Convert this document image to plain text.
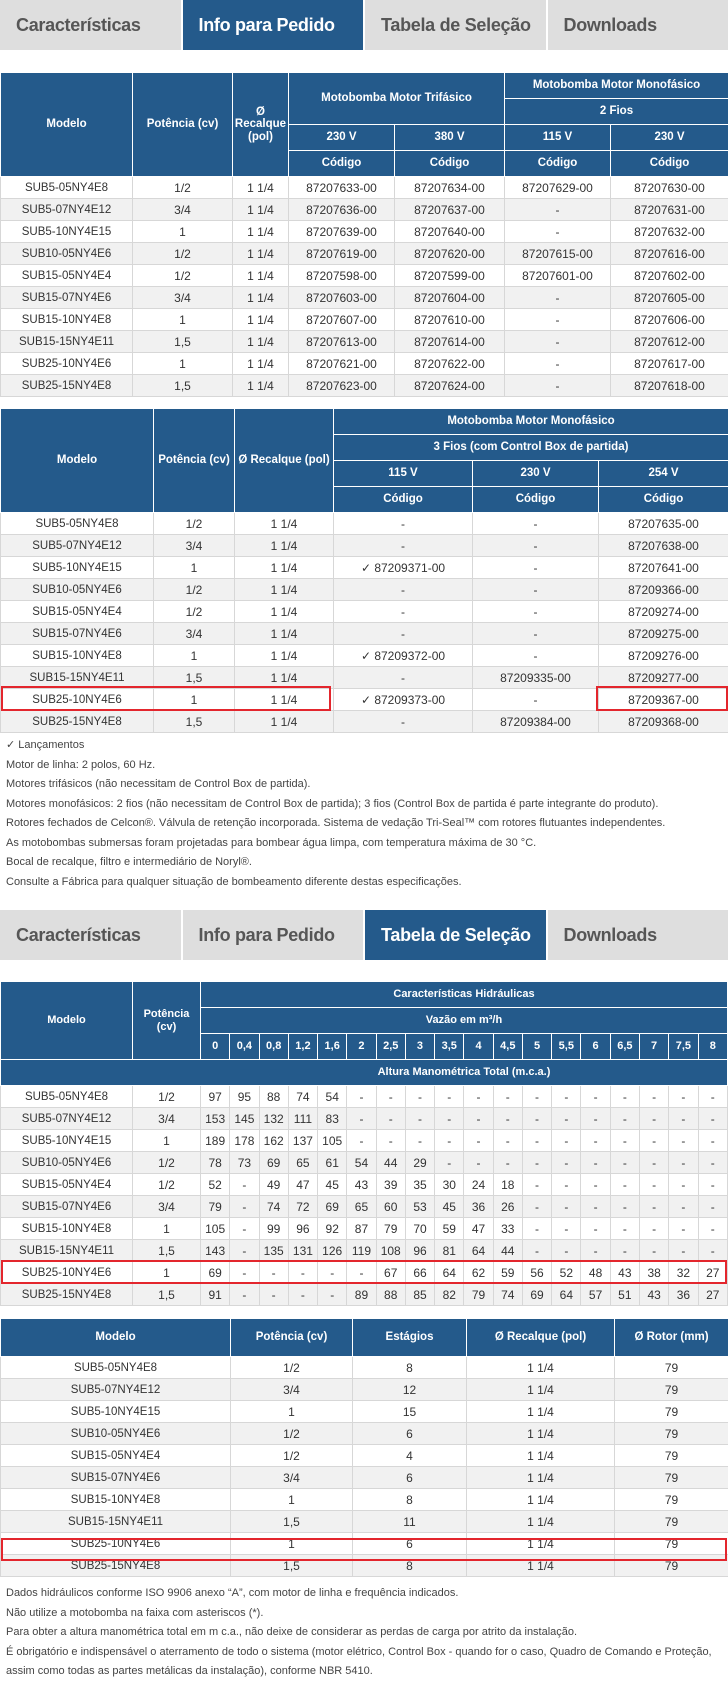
Características	Info para Pedido	Tabela de Seleção	Downloads
Modelo	Potência (cv)	Ø Recalque (pol)	Motobomba Motor Trifásico		Motobomba Motor Monofásico	
					2 Fios	
			230 V	380 V	115 V	230 V
			Código	Código	Código	Código
SUB5-05NY4E8	1/2	1 1/4	87207633-00	87207634-00	87207629-00	87207630-00
SUB5-07NY4E12	3/4	1 1/4	87207636-00	87207637-00	-	87207631-00
SUB5-10NY4E15	1	1 1/4	87207639-00	87207640-00	-	87207632-00
SUB10-05NY4E6	1/2	1 1/4	87207619-00	87207620-00	87207615-00	87207616-00
SUB15-05NY4E4	1/2	1 1/4	87207598-00	87207599-00	87207601-00	87207602-00
SUB15-07NY4E6	3/4	1 1/4	87207603-00	87207604-00	-	87207605-00
SUB15-10NY4E8	1	1 1/4	87207607-00	87207610-00	-	87207606-00
SUB15-15NY4E11	1,5	1 1/4	87207613-00	87207614-00	-	87207612-00
SUB25-10NY4E6	1	1 1/4	87207621-00	87207622-00	-	87207617-00
SUB25-15NY4E8	1,5	1 1/4	87207623-00	87207624-00	-	87207618-00
Modelo	Potência (cv)	Ø Recalque (pol)	Motobomba Motor Monofásico		
			3 Fios (com Control Box de partida)		
			115 V	230 V	254 V
			Código	Código	Código
SUB5-05NY4E8	1/2	1 1/4	-	-	87207635-00
SUB5-07NY4E12	3/4	1 1/4	-	-	87207638-00
SUB5-10NY4E15	1	1 1/4	✓ 87209371-00	-	87207641-00
SUB10-05NY4E6	1/2	1 1/4	-	-	87209366-00
SUB15-05NY4E4	1/2	1 1/4	-	-	87209274-00
SUB15-07NY4E6	3/4	1 1/4	-	-	87209275-00
SUB15-10NY4E8	1	1 1/4	✓ 87209372-00	-	87209276-00
SUB15-15NY4E11	1,5	1 1/4	-	87209335-00	87209277-00
SUB25-10NY4E6	1	1 1/4	✓ 87209373-00	-	87209367-00
SUB25-15NY4E8	1,5	1 1/4	-	87209384-00	87209368-00
✓ Lançamentos
Motor de linha: 2 polos, 60 Hz.
Motores trifásicos (não necessitam de Control Box de partida).
Motores monofásicos: 2 fios (não necessitam de Control Box de partida); 3 fios (Control Box de partida é parte integrante do produto).
Rotores fechados de Celcon®. Válvula de retenção incorporada. Sistema de vedação Tri-Seal™ com rotores flutuantes independentes.
As motobombas submersas foram projetadas para bombear água limpa, com temperatura máxima de 30 °C.
Bocal de recalque, filtro e intermediário de Noryl®.
Consulte a Fábrica para qualquer situação de bombeamento diferente destas especificações.
Características	Info para Pedido	Tabela de Seleção	Downloads
Modelo	Potência (cv)	Características Hidráulicas																	
		Vazão em m³/h																	
		0	0,4	0,8	1,2	1,6	2	2,5	3	3,5	4	4,5	5	5,5	6	6,5	7	7,5	8
Altura Manométrica Total (m.c.a.)																			
SUB5-05NY4E8	1/2	97	95	88	74	54	-	-	-	-	-	-	-	-	-	-	-	-	-
SUB5-07NY4E12	3/4	153	145	132	111	83	-	-	-	-	-	-	-	-	-	-	-	-	-
SUB5-10NY4E15	1	189	178	162	137	105	-	-	-	-	-	-	-	-	-	-	-	-	-
SUB10-05NY4E6	1/2	78	73	69	65	61	54	44	29	-	-	-	-	-	-	-	-	-	-
SUB15-05NY4E4	1/2	52	-	49	47	45	43	39	35	30	24	18	-	-	-	-	-	-	-
SUB15-07NY4E6	3/4	79	-	74	72	69	65	60	53	45	36	26	-	-	-	-	-	-	-
SUB15-10NY4E8	1	105	-	99	96	92	87	79	70	59	47	33	-	-	-	-	-	-	-
SUB15-15NY4E11	1,5	143	-	135	131	126	119	108	96	81	64	44	-	-	-	-	-	-	-
SUB25-10NY4E6	1	69	-	-	-	-	-	67	66	64	62	59	56	52	48	43	38	32	27
SUB25-15NY4E8	1,5	91	-	-	-	-	89	88	85	82	79	74	69	64	57	51	43	36	27
Modelo	Potência (cv)	Estágios	Ø Recalque (pol)	Ø Rotor (mm)
SUB5-05NY4E8	1/2	8	1 1/4	79
SUB5-07NY4E12	3/4	12	1 1/4	79
SUB5-10NY4E15	1	15	1 1/4	79
SUB10-05NY4E6	1/2	6	1 1/4	79
SUB15-05NY4E4	1/2	4	1 1/4	79
SUB15-07NY4E6	3/4	6	1 1/4	79
SUB15-10NY4E8	1	8	1 1/4	79
SUB15-15NY4E11	1,5	11	1 1/4	79
SUB25-10NY4E6	1	6	1 1/4	79
SUB25-15NY4E8	1,5	8	1 1/4	79
Dados hidráulicos conforme ISO 9906 anexo “A”, com motor de linha e frequência indicados.
Não utilize a motobomba na faixa com asteriscos (*).
Para obter a altura manométrica total em m c.a., não deixe de considerar as perdas de carga por atrito da instalação.
É obrigatório e indispensável o aterramento de todo o sistema (motor elétrico, Control Box - quando for o caso, Quadro de Comando e Proteção,
assim como todas as partes metálicas da instalação), conforme NBR 5410.
